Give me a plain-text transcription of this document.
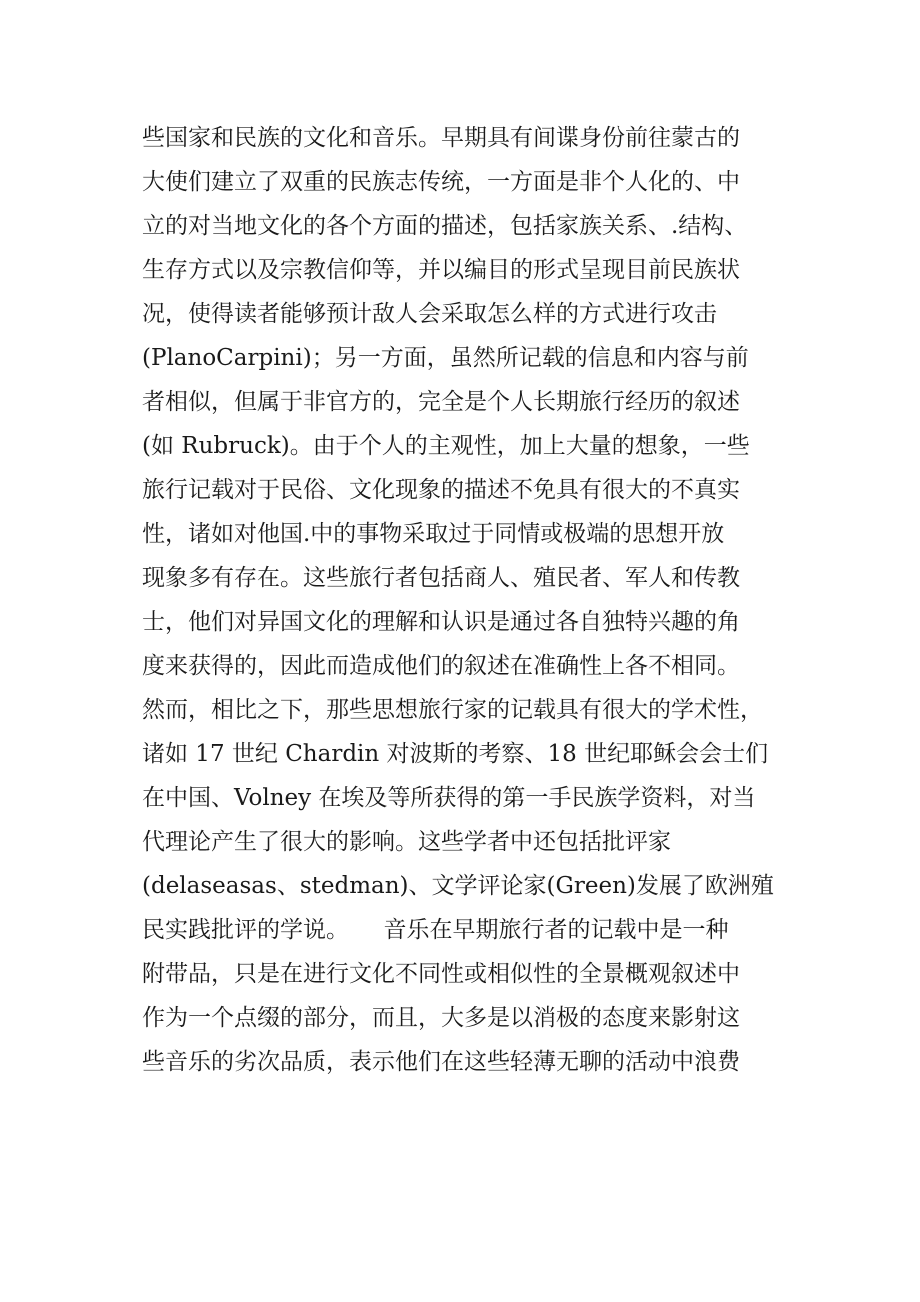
些国家和民族的文化和音乐。早期具有间谍身份前往蒙古的
大使们建立了双重的民族志传统，一方面是非个人化的、中
立的对当地文化的各个方面的描述，包括家族关系、.结构、
生存方式以及宗教信仰等，并以编目的形式呈现目前民族状
况，使得读者能够预计敌人会采取怎么样的方式进行攻击
(PlanoCarpini)；另一方面，虽然所记载的信息和内容与前
者相似，但属于非官方的，完全是个人长期旅行经历的叙述
(如 Rubruck)。由于个人的主观性，加上大量的想象，一些
旅行记载对于民俗、文化现象的描述不免具有很大的不真实
性，诸如对他国.中的事物采取过于同情或极端的思想开放
现象多有存在。这些旅行者包括商人、殖民者、军人和传教
士，他们对异国文化的理解和认识是通过各自独特兴趣的角
度来获得的，因此而造成他们的叙述在准确性上各不相同。
然而，相比之下，那些思想旅行家的记载具有很大的学术性，
诸如 17 世纪 Chardin 对波斯的考察、18 世纪耶稣会会士们
在中国、Volney 在埃及等所获得的第一手民族学资料，对当
代理论产生了很大的影响。这些学者中还包括批评家
(delaseasas、stedman)、文学评论家(Green)发展了欧洲殖
民实践批评的学说。　　音乐在早期旅行者的记载中是一种
附带品，只是在进行文化不同性或相似性的全景概观叙述中
作为一个点缀的部分，而且，大多是以消极的态度来影射这
些音乐的劣次品质，表示他们在这些轻薄无聊的活动中浪费
